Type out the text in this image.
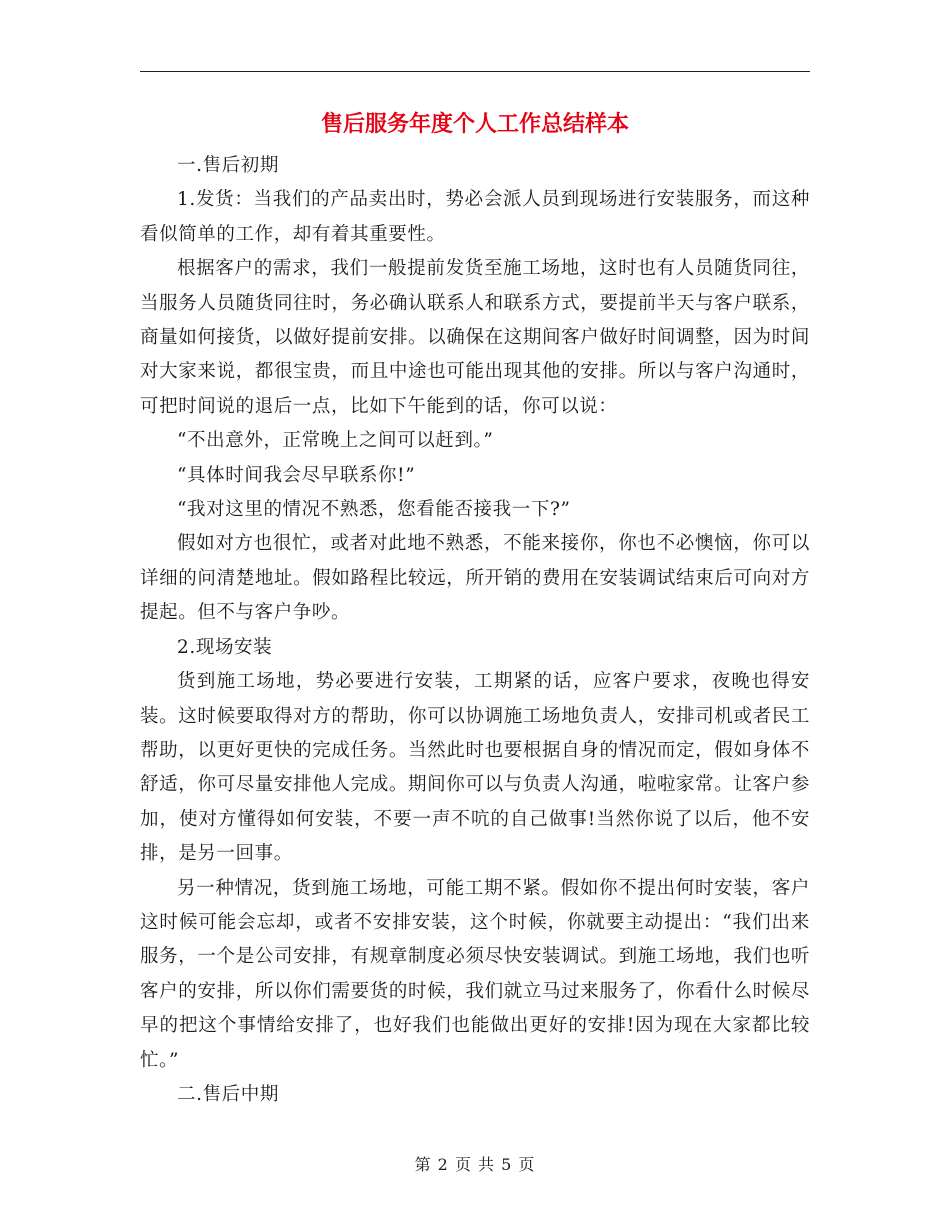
售后服务年度个人工作总结样本

一.售后初期

1.发货：当我们的产品卖出时，势必会派人员到现场进行安装服务，而这种看似简单的工作，却有着其重要性。

根据客户的需求，我们一般提前发货至施工场地，这时也有人员随货同往，当服务人员随货同往时，务必确认联系人和联系方式，要提前半天与客户联系，商量如何接货，以做好提前安排。以确保在这期间客户做好时间调整，因为时间对大家来说，都很宝贵，而且中途也可能出现其他的安排。所以与客户沟通时，可把时间说的退后一点，比如下午能到的话，你可以说：

“不出意外，正常晚上之间可以赶到。”

“具体时间我会尽早联系你!”

“我对这里的情况不熟悉，您看能否接我一下?”

假如对方也很忙，或者对此地不熟悉，不能来接你，你也不必懊恼，你可以详细的问清楚地址。假如路程比较远，所开销的费用在安装调试结束后可向对方提起。但不与客户争吵。

2.现场安装

货到施工场地，势必要进行安装，工期紧的话，应客户要求，夜晚也得安装。这时候要取得对方的帮助，你可以协调施工场地负责人，安排司机或者民工帮助，以更好更快的完成任务。当然此时也要根据自身的情况而定，假如身体不舒适，你可尽量安排他人完成。期间你可以与负责人沟通，啦啦家常。让客户参加，使对方懂得如何安装，不要一声不吭的自己做事!当然你说了以后，他不安排，是另一回事。

另一种情况，货到施工场地，可能工期不紧。假如你不提出何时安装，客户这时候可能会忘却，或者不安排安装，这个时候，你就要主动提出：“我们出来服务，一个是公司安排，有规章制度必须尽快安装调试。到施工场地，我们也听客户的安排，所以你们需要货的时候，我们就立马过来服务了，你看什么时候尽早的把这个事情给安排了，也好我们也能做出更好的安排!因为现在大家都比较忙。”

二.售后中期

第 2 页 共 5 页
